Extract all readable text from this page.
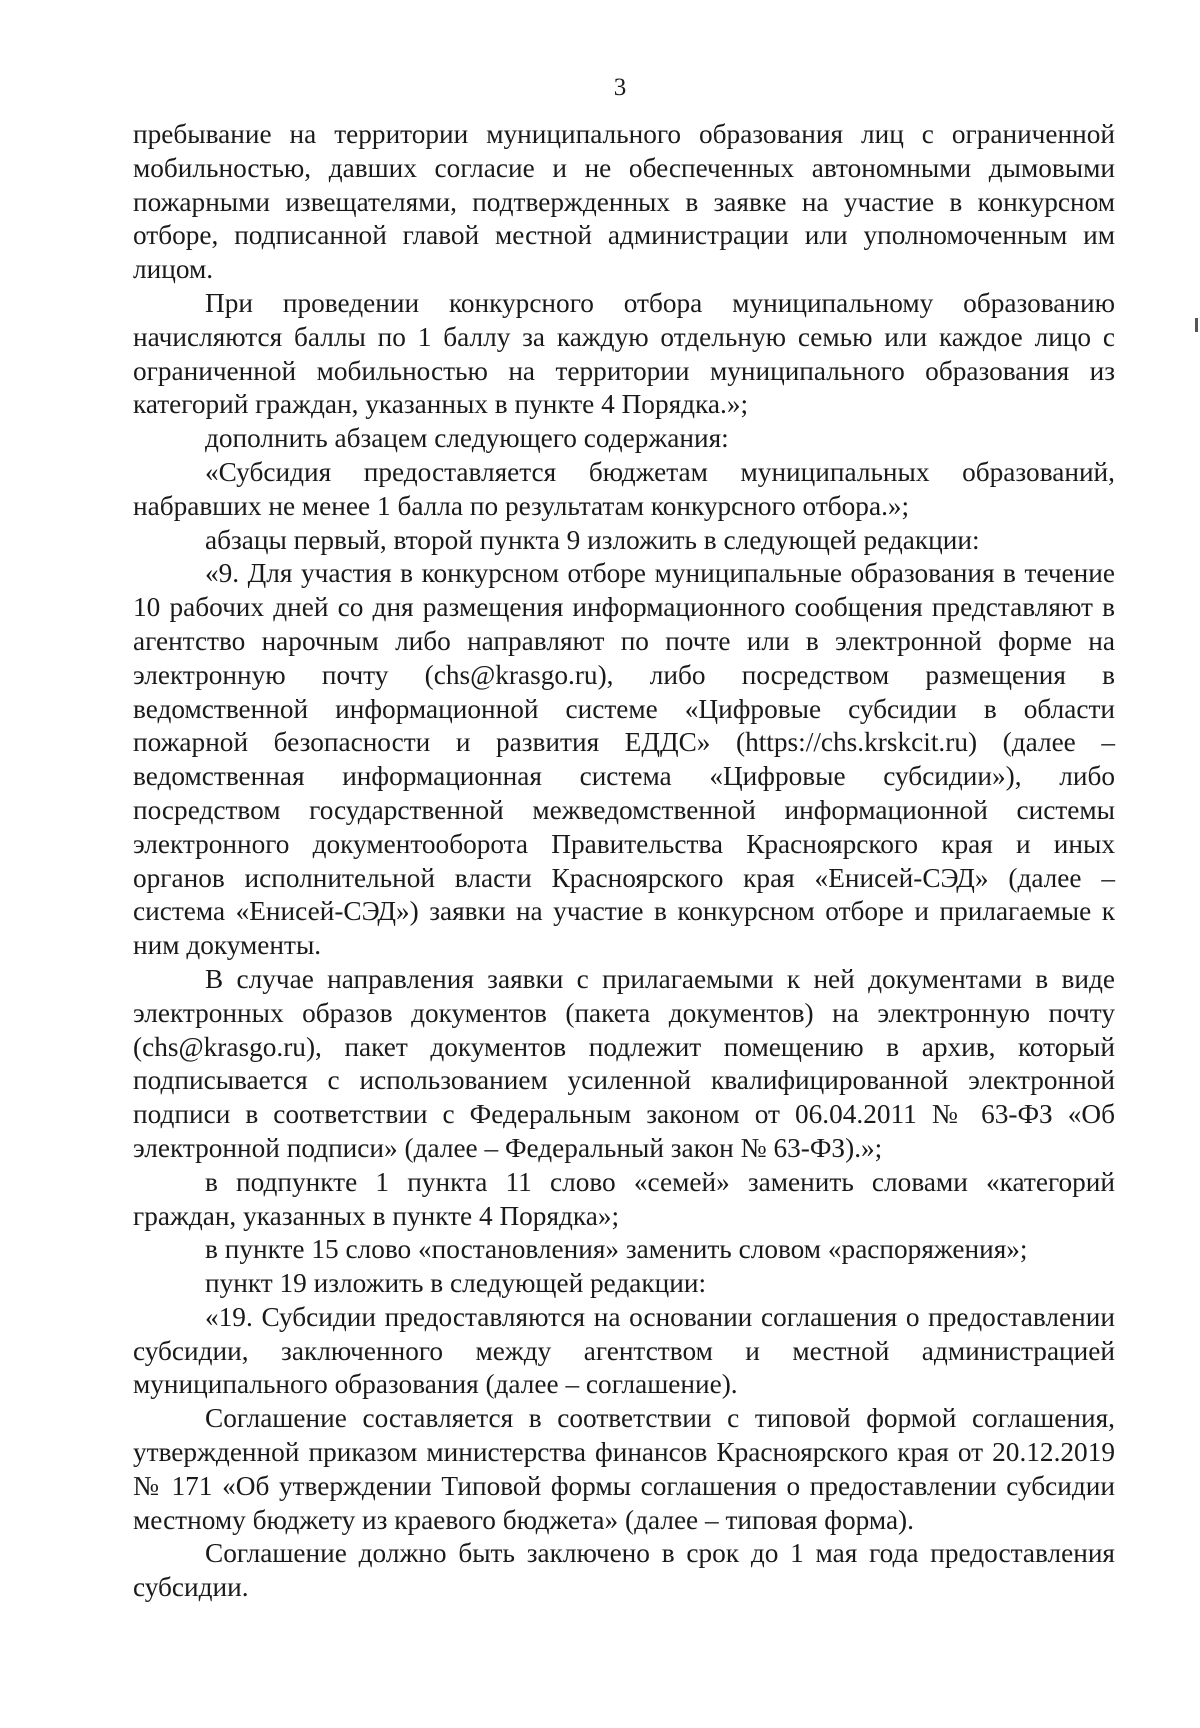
3

пребывание на территории муниципального образования лиц с ограниченной мобильностью, давших согласие и не обеспеченных автономными дымовыми пожарными извещателями, подтвержденных в заявке на участие в конкурсном отборе, подписанной главой местной администрации или уполномоченным им лицом.

При проведении конкурсного отбора муниципальному образованию начисляются баллы по 1 баллу за каждую отдельную семью или каждое лицо с ограниченной мобильностью на территории муниципального образования из категорий граждан, указанных в пункте 4 Порядка.»;

дополнить абзацем следующего содержания:

«Субсидия предоставляется бюджетам муниципальных образований, набравших не менее 1 балла по результатам конкурсного отбора.»;

абзацы первый, второй пункта 9 изложить в следующей редакции:

«9. Для участия в конкурсном отборе муниципальные образования в течение 10 рабочих дней со дня размещения информационного сообщения представляют в агентство нарочным либо направляют по почте или в электронной форме на электронную почту (chs@krasgo.ru), либо посредством размещения в ведомственной информационной системе «Цифровые субсидии в области пожарной безопасности и развития ЕДДС» (https://chs.krskcit.ru) (далее – ведомственная информационная система «Цифровые субсидии»), либо посредством государственной межведомственной информационной системы электронного документооборота Правительства Красноярского края и иных органов исполнительной власти Красноярского края «Енисей-СЭД» (далее – система «Енисей-СЭД») заявки на участие в конкурсном отборе и прилагаемые к ним документы.

В случае направления заявки с прилагаемыми к ней документами в виде электронных образов документов (пакета документов) на электронную почту (chs@krasgo.ru), пакет документов подлежит помещению в архив, который подписывается с использованием усиленной квалифицированной электронной подписи в соответствии с Федеральным законом от 06.04.2011 № 63-ФЗ «Об электронной подписи» (далее – Федеральный закон № 63-ФЗ).»;

в подпункте 1 пункта 11 слово «семей» заменить словами «категорий граждан, указанных в пункте 4 Порядка»;

в пункте 15 слово «постановления» заменить словом «распоряжения»;

пункт 19 изложить в следующей редакции:

«19. Субсидии предоставляются на основании соглашения о предоставлении субсидии, заключенного между агентством и местной администрацией муниципального образования (далее – соглашение).

Соглашение составляется в соответствии с типовой формой соглашения, утвержденной приказом министерства финансов Красноярского края от 20.12.2019 № 171 «Об утверждении Типовой формы соглашения о предоставлении субсидии местному бюджету из краевого бюджета» (далее – типовая форма).

Соглашение должно быть заключено в срок до 1 мая года предоставления субсидии.
